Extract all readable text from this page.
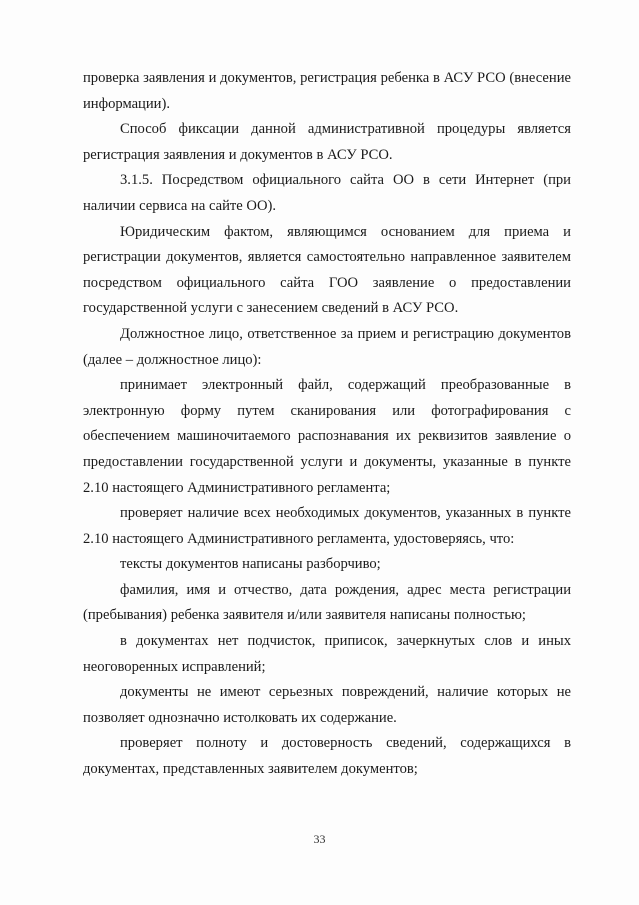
проверка заявления и документов, регистрация ребенка в АСУ РСО (внесение информации).

Способ фиксации данной административной процедуры является регистрация заявления и документов в АСУ РСО.

3.1.5. Посредством официального сайта ОО в сети Интернет (при наличии сервиса на сайте ОО).

Юридическим фактом, являющимся основанием для приема и регистрации документов, является самостоятельно направленное заявителем посредством официального сайта ГОО заявление о предоставлении государственной услуги с занесением сведений в АСУ РСО.

Должностное лицо, ответственное за прием и регистрацию документов (далее – должностное лицо):

принимает электронный файл, содержащий преобразованные в электронную форму путем сканирования или фотографирования с обеспечением машиночитаемого распознавания их реквизитов заявление о предоставлении государственной услуги и документы, указанные в пункте 2.10 настоящего Административного регламента;

проверяет наличие всех необходимых документов, указанных в пункте 2.10 настоящего Административного регламента, удостоверяясь, что:

тексты документов написаны разборчиво;

фамилия, имя и отчество, дата рождения, адрес места регистрации (пребывания) ребенка заявителя и/или заявителя написаны полностью;

в документах нет подчисток, приписок, зачеркнутых слов и иных неоговоренных исправлений;

документы не имеют серьезных повреждений, наличие которых не позволяет однозначно истолковать их содержание.

проверяет полноту и достоверность сведений, содержащихся в документах, представленных заявителем документов;

33
